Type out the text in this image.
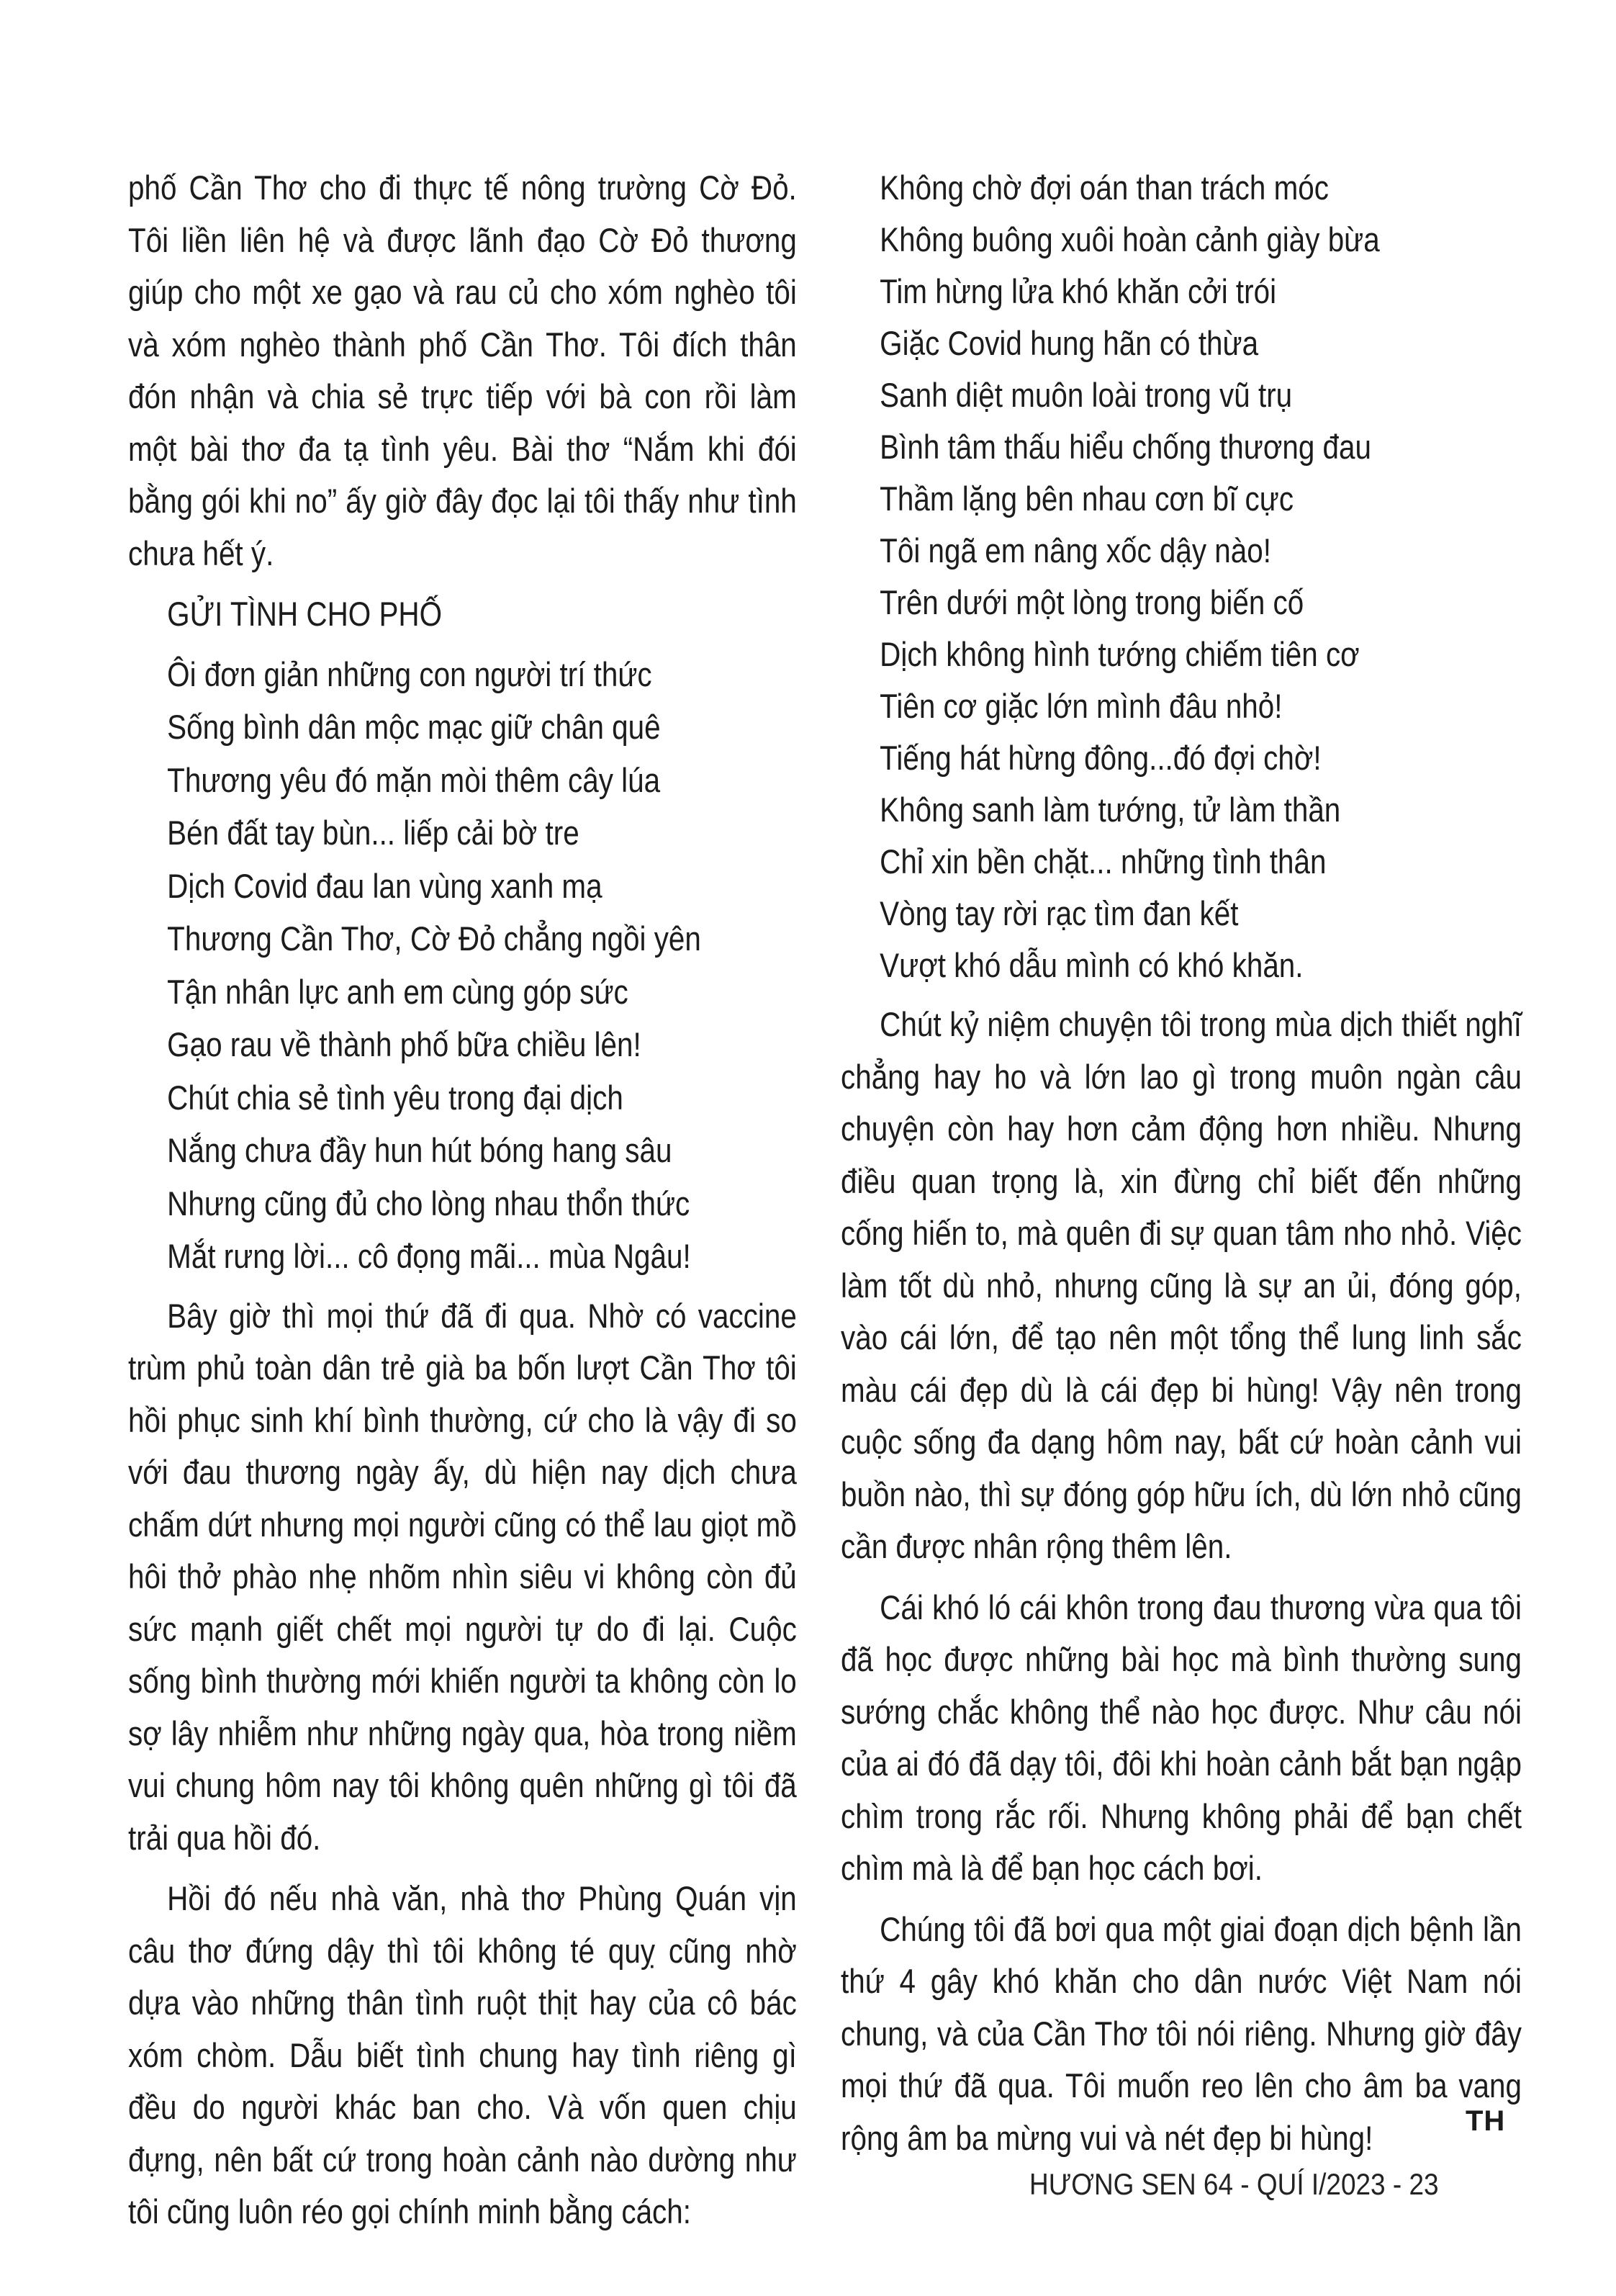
phố Cần Thơ cho đi thực tế nông trường Cờ Đỏ. Tôi liền liên hệ và được lãnh đạo Cờ Đỏ thương giúp cho một xe gạo và rau củ cho xóm nghèo tôi và xóm nghèo thành phố Cần Thơ. Tôi đích thân đón nhận và chia sẻ trực tiếp với bà con rồi làm một bài thơ đa tạ tình yêu. Bài thơ “Nắm khi đói bằng gói khi no” ấy giờ đây đọc lại tôi thấy như tình chưa hết ý.

GỬI TÌNH CHO PHỐ
Ôi đơn giản những con người trí thức
Sống bình dân mộc mạc giữ chân quê
Thương yêu đó mặn mòi thêm cây lúa
Bén đất tay bùn... liếp cải bờ tre
Dịch Covid đau lan vùng xanh mạ
Thương Cần Thơ, Cờ Đỏ chẳng ngồi yên
Tận nhân lực anh em cùng góp sức
Gạo rau về thành phố bữa chiều lên!
Chút chia sẻ tình yêu trong đại dịch
Nắng chưa đầy hun hút bóng hang sâu
Nhưng cũng đủ cho lòng nhau thổn thức
Mắt rưng lời... cô đọng mãi... mùa Ngâu!

Bây giờ thì mọi thứ đã đi qua. Nhờ có vaccine trùm phủ toàn dân trẻ già ba bốn lượt Cần Thơ tôi hồi phục sinh khí bình thường, cứ cho là vậy đi so với đau thương ngày ấy, dù hiện nay dịch chưa chấm dứt nhưng mọi người cũng có thể lau giọt mồ hôi thở phào nhẹ nhõm nhìn siêu vi không còn đủ sức mạnh giết chết mọi người tự do đi lại. Cuộc sống bình thường mới khiến người ta không còn lo sợ lây nhiễm như những ngày qua, hòa trong niềm vui chung hôm nay tôi không quên những gì tôi đã trải qua hồi đó.

Hồi đó nếu nhà văn, nhà thơ Phùng Quán vịn câu thơ đứng dậy thì tôi không té quỵ cũng nhờ dựa vào những thân tình ruột thịt hay của cô bác xóm chòm. Dẫu biết tình chung hay tình riêng gì đều do người khác ban cho. Và vốn quen chịu đựng, nên bất cứ trong hoàn cảnh nào dường như tôi cũng luôn réo gọi chính minh bằng cách:

Không chờ đợi oán than trách móc
Không buông xuôi hoàn cảnh giày bừa
Tim hừng lửa khó khăn cởi trói
Giặc Covid hung hãn có thừa
Sanh diệt muôn loài trong vũ trụ
Bình tâm thấu hiểu chống thương đau
Thầm lặng bên nhau cơn bĩ cực
Tôi ngã em nâng xốc dậy nào!
Trên dưới một lòng trong biến cố
Dịch không hình tướng chiếm tiên cơ
Tiên cơ giặc lớn mình đâu nhỏ!
Tiếng hát hừng đông...đó đợi chờ!
Không sanh làm tướng, tử làm thần
Chỉ xin bền chặt... những tình thân
Vòng tay rời rạc tìm đan kết
Vượt khó dẫu mình có khó khăn.

Chút kỷ niệm chuyện tôi trong mùa dịch thiết nghĩ chẳng hay ho và lớn lao gì trong muôn ngàn câu chuyện còn hay hơn cảm động hơn nhiều. Nhưng điều quan trọng là, xin đừng chỉ biết đến những cống hiến to, mà quên đi sự quan tâm nho nhỏ. Việc làm tốt dù nhỏ, nhưng cũng là sự an ủi, đóng góp, vào cái lớn, để tạo nên một tổng thể lung linh sắc màu cái đẹp dù là cái đẹp bi hùng! Vậy nên trong cuộc sống đa dạng hôm nay, bất cứ hoàn cảnh vui buồn nào, thì sự đóng góp hữu ích, dù lớn nhỏ cũng cần được nhân rộng thêm lên.

Cái khó ló cái khôn trong đau thương vừa qua tôi đã học được những bài học mà bình thường sung sướng chắc không thể nào học được. Như câu nói của ai đó đã dạy tôi, đôi khi hoàn cảnh bắt bạn ngập chìm trong rắc rối. Nhưng không phải để bạn chết chìm mà là để bạn học cách bơi.

Chúng tôi đã bơi qua một giai đoạn dịch bệnh lần thứ 4 gây khó khăn cho dân nước Việt Nam nói chung, và của Cần Thơ tôi nói riêng. Nhưng giờ đây mọi thứ đã qua. Tôi muốn reo lên cho âm ba vang rộng âm ba mừng vui và nét đẹp bi hùng!	TH
HƯƠNG SEN 64 - QUÍ I/2023 - 23
